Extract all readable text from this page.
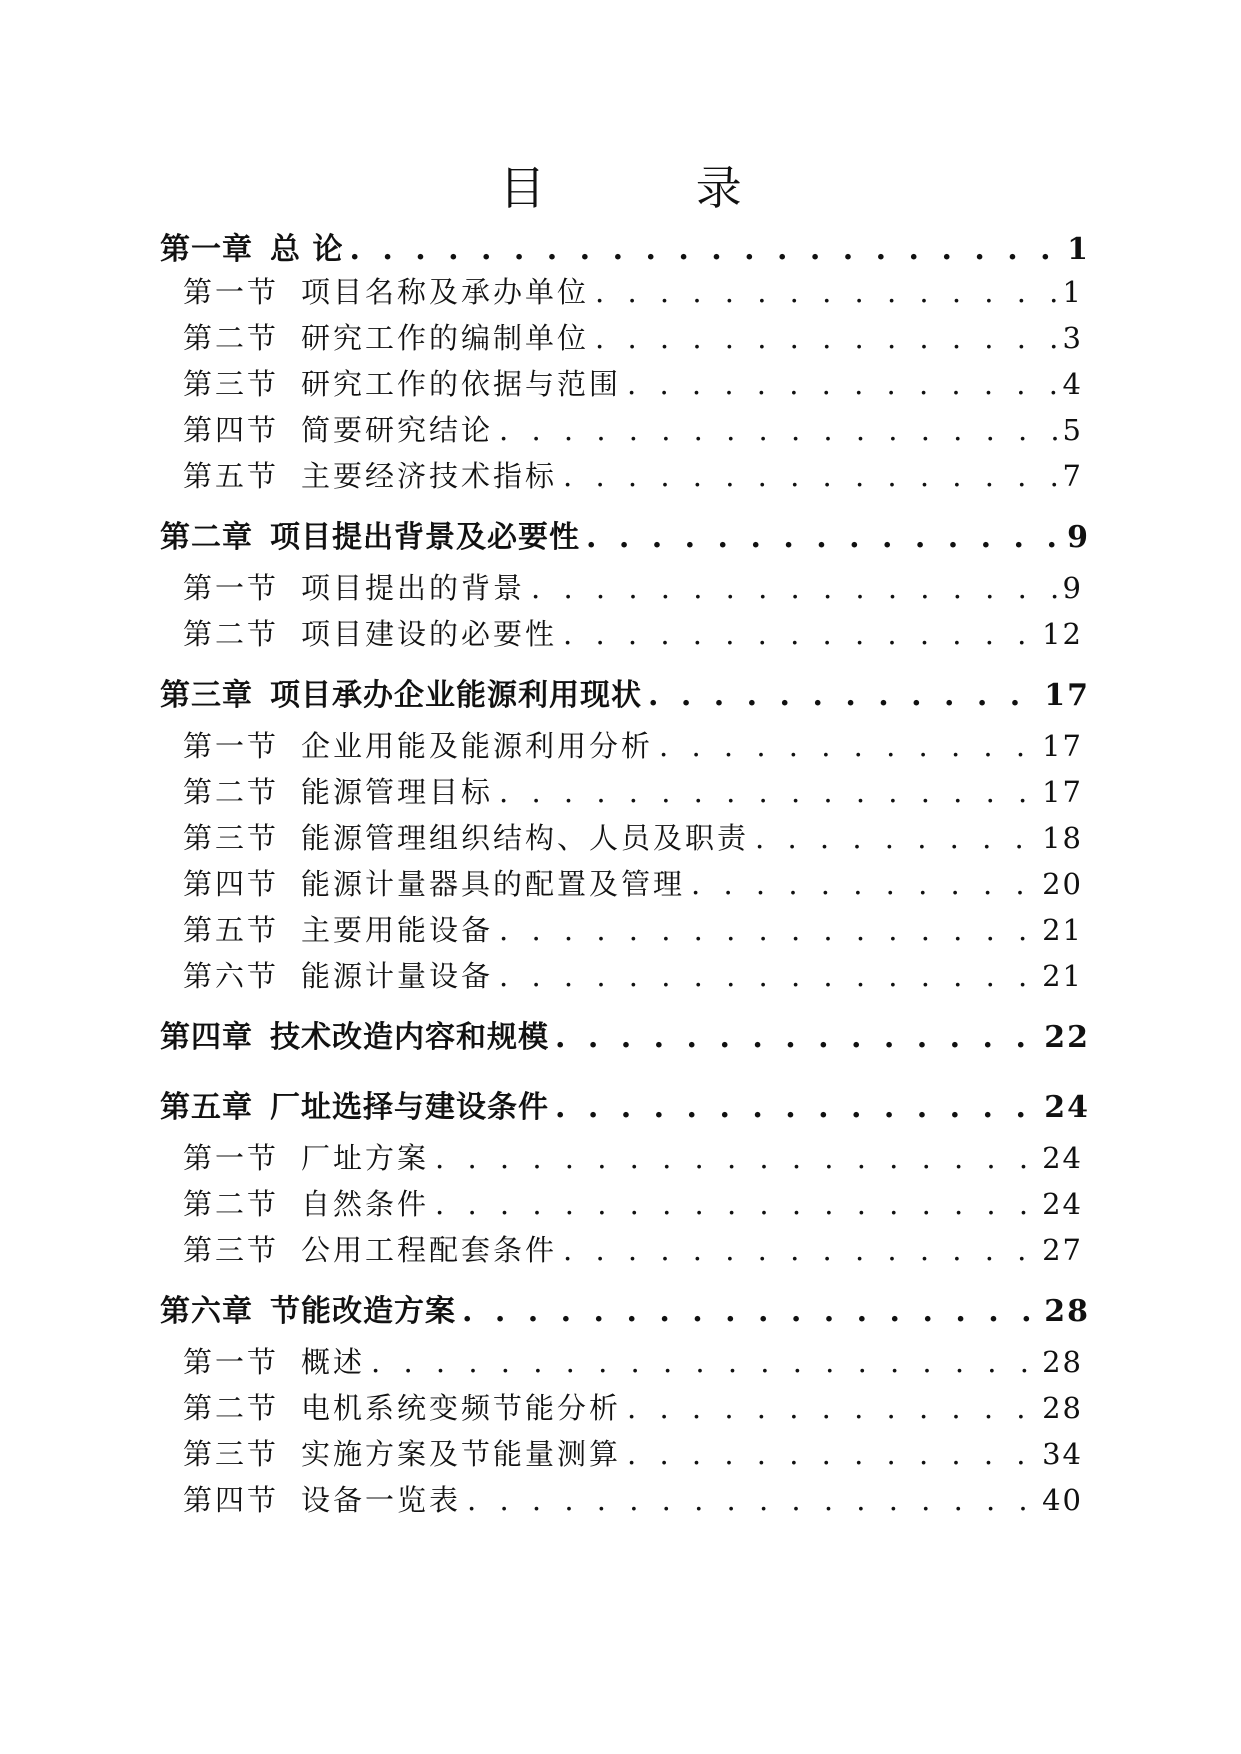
目 录
第一章 总 论 . . .	1
第一节 项目名称及承办单位 . . .	1
第二节 研究工作的编制单位 . . .	3
第三节 研究工作的依据与范围 . . .	4
第四节 简要研究结论 . . .	5
第五节 主要经济技术指标 . . .	7
第二章 项目提出背景及必要性 . . .	9
第一节 项目提出的背景 . . .	9
第二节 项目建设的必要性 . . .	12
第三章 项目承办企业能源利用现状 . . .	17
第一节 企业用能及能源利用分析 . . .	17
第二节 能源管理目标 . . .	17
第三节 能源管理组织结构、人员及职责 . . .	18
第四节 能源计量器具的配置及管理 . . .	20
第五节 主要用能设备 . . .	21
第六节 能源计量设备 . . .	21
第四章 技术改造内容和规模 . . .	22
第五章 厂址选择与建设条件 . . .	24
第一节 厂址方案 . . .	24
第二节 自然条件 . . .	24
第三节 公用工程配套条件 . . .	27
第六章 节能改造方案 . . .	28
第一节 概述 . . .	28
第二节 电机系统变频节能分析 . . .	28
第三节 实施方案及节能量测算 . . .	34
第四节 设备一览表 . . .	40
